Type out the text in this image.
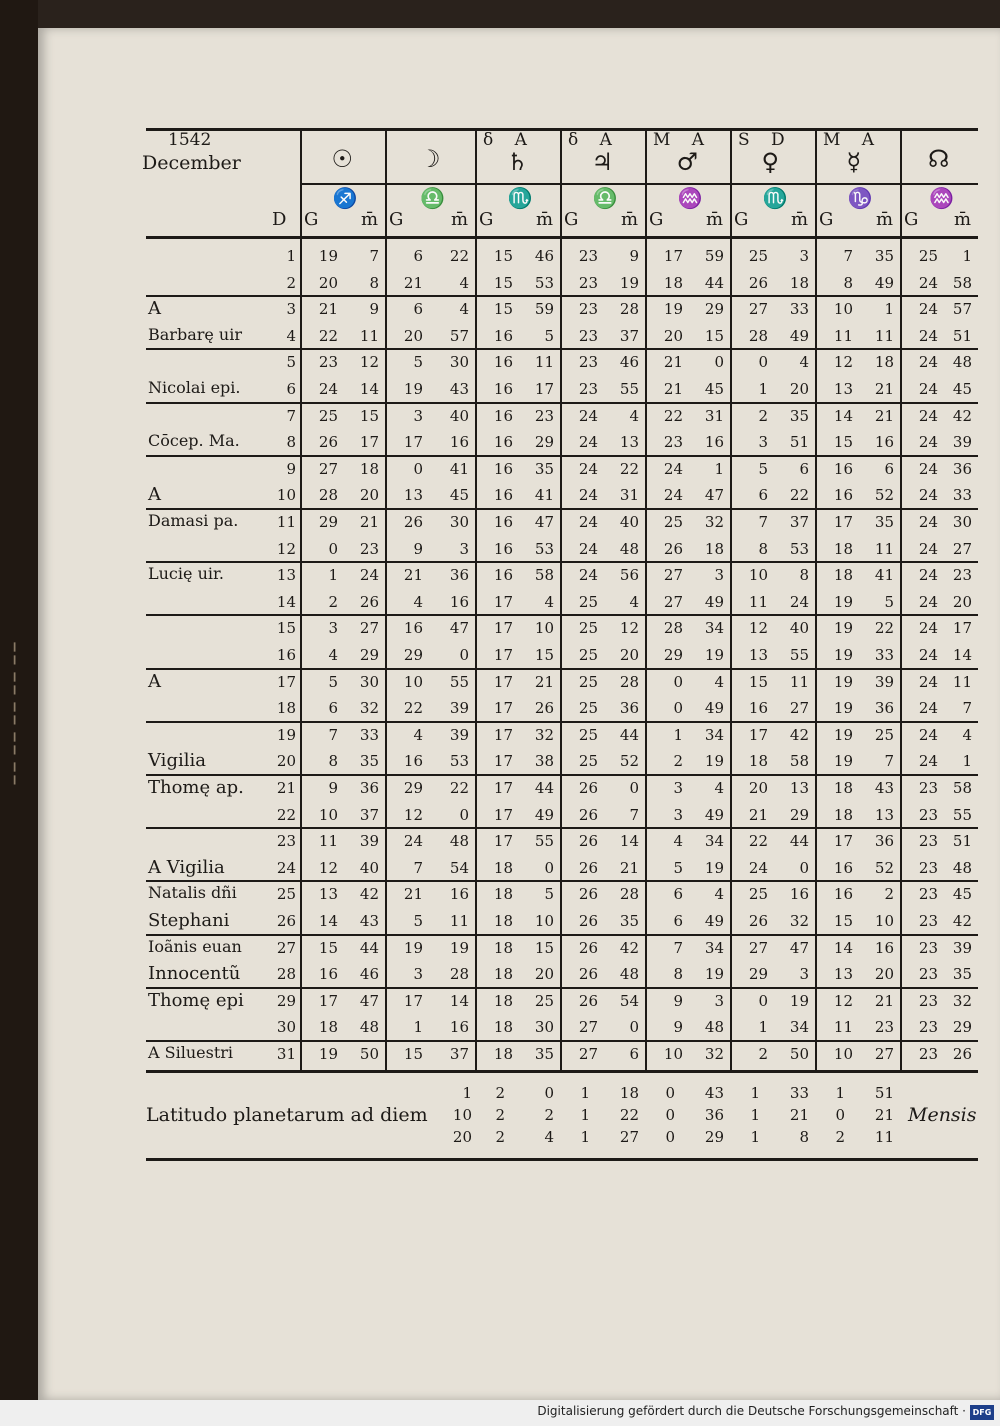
╎
╎
╎
╎
╎
1542
December	☉
♐
G m̄
☽
♎
G	m̄
δ A
♄
♏
G m̄
δ A
♃
♎
G m̄
M A
♂
♒
G m̄
S D
♀
♏
G m̄
M A
☿
♑
G m̄
☊
♒
G m̄
D
1	19	7	6	22	15	46	23	9	17	59	25	3	7	35	25	1
2	20	8	21	4	15	53	23	19	18	44	26	18	8	49	24 58
A	3	21	9	6	4	15	59	23	28	19	29	27	33	10	1	24 57
Barbarę uir	4	22	11	20	57	16	5	23	37	20	15	28	49	11	11	24 51
5	23	12	5	30	16	11	23	46	21	0	0	4	12	18	24 48
Nicolai epi.	6	24	14	19	43	16	17	23	55	21	45	1	20	13	21	24 45
7	25	15	3	40	16	23	24	4	22	31	2	35	14	21	24 42
Cōcep. Ma.	8	26	17	17	16	16	29	24	13	23	16	3	51	15	16	24 39
9	27	18	0	41	16	35	24	22	24	1	5	6	16	6	24 36
A	10	28	20	13	45	16	41	24	31	24	47	6	22	16	52	24 33
Damasi pa.	11	29	21	26	30	16	47	24	40	25	32	7	37	17	35	24 30
12	0	23	9	3	16	53	24	48	26	18	8	53	18	11	24 27
Lucię uir.	13	1	24	21	36	16	58	24	56	27	3	10	8	18	41	24 23
14	2	26	4	16	17	4	25	4	27	49	11	24	19	5	24 20
15	3	27	16	47	17	10	25	12	28	34	12	40	19	22	24 17
16	4	29	29	0	17	15	25	20	29	19	13	55	19	33	24 14
A	17	5	30	10	55	17	21	25	28	0	4	15	11	19	39	24 11
18	6	32	22	39	17	26	25	36	0	49	16	27	19	36	24	7
19	7	33	4	39	17	32	25	44	1	34	17	42	19	25	24	4
Vigilia	20	8	35	16	53	17	38	25	52	2	19	18	58	19	7	24	1
Thomę ap.	21	9	36	29	22	17	44	26	0	3	4	20	13	18	43	23 58
22	10	37	12	0	17	49	26	7	3	49	21	29	18	13	23 55
23	11	39	24	48	17	55	26	14	4	34	22	44	17	36	23 51
A Vigilia	24	12	40	7	54	18	0	26	21	5	19	24	0	16	52	23 48
Natalis dñi	25	13	42	21	16	18	5	26	28	6	4	25	16	16	2	23 45
Stephani	26	14	43	5	11	18	10	26	35	6	49	26	32	15	10	23 42
Ioãnis euan	27	15	44	19	19	18	15	26	42	7	34	27	47	14	16	23 39
Innocentũ	28	16	46	3	28	18	20	26	48	8	19	29	3	13	20	23 35
Thomę epi	29	17	47	17	14	18	25	26	54	9	3	0	19	12	21	23 32
30	18	48	1	16	18	30	27	0	9	48	1	34	11	23	23 29
A Siluestri	31	19	50	15	37	18	35	27	6	10	32	2	50	10	27	23 26
Latitudo planetarum ad diem
1	2	0	1	18	0	43	1	33	1	51
10	2	2	1	22	0	36	1	21	0	21
20	2	4	1	27	0	29	1	8	2	11
Mensis
Digitalisierung gefördert durch die Deutsche Forschungsgemeinschaft · DFG
